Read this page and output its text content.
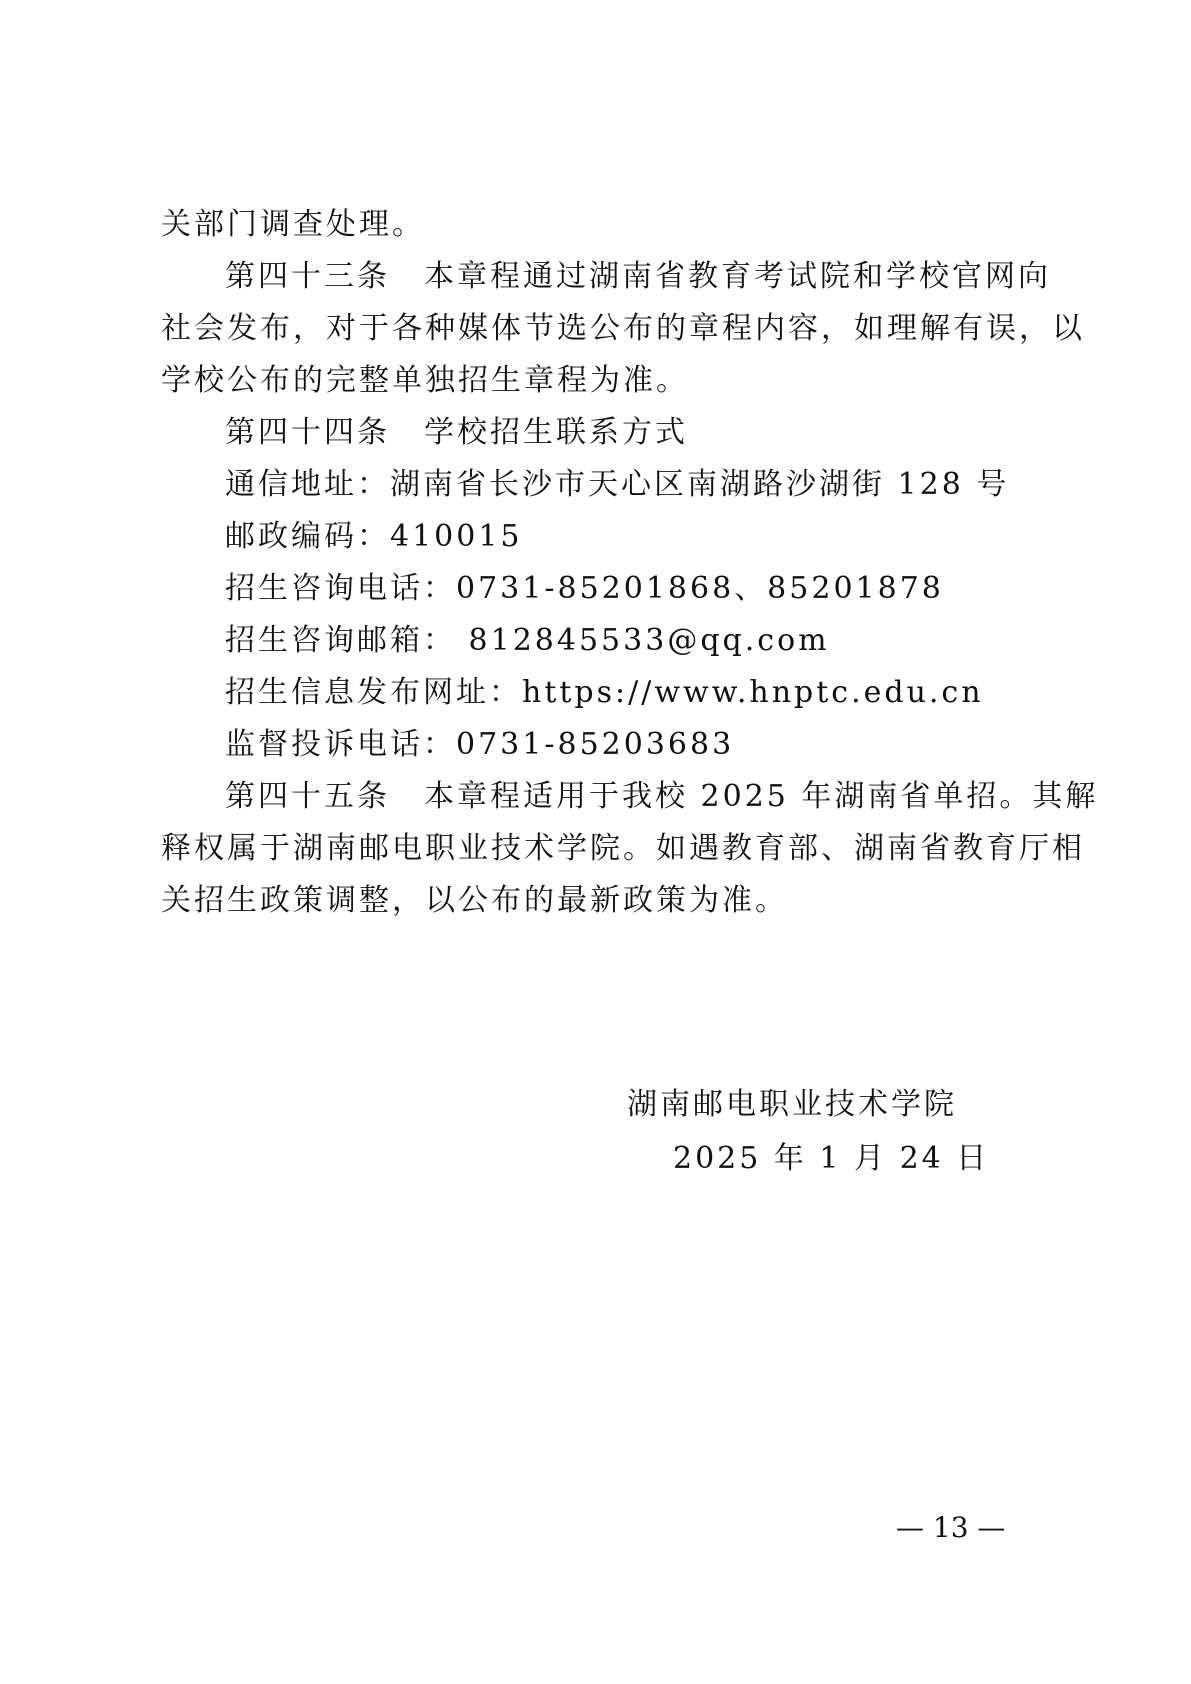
关部门调查处理。
第四十三条 本章程通过湖南省教育考试院和学校官网向
社会发布，对于各种媒体节选公布的章程内容，如理解有误，以
学校公布的完整单独招生章程为准。
第四十四条 学校招生联系方式
通信地址：湖南省长沙市天心区南湖路沙湖街 128 号
邮政编码：410015
招生咨询电话：0731-85201868、85201878
招生咨询邮箱： 812845533@qq.com
招生信息发布网址：https://www.hnptc.edu.cn
监督投诉电话：0731-85203683
第四十五条 本章程适用于我校 2025 年湖南省单招。其解
释权属于湖南邮电职业技术学院。如遇教育部、湖南省教育厅相
关招生政策调整，以公布的最新政策为准。
湖南邮电职业技术学院
2025 年 1 月 24 日
— 13 —
